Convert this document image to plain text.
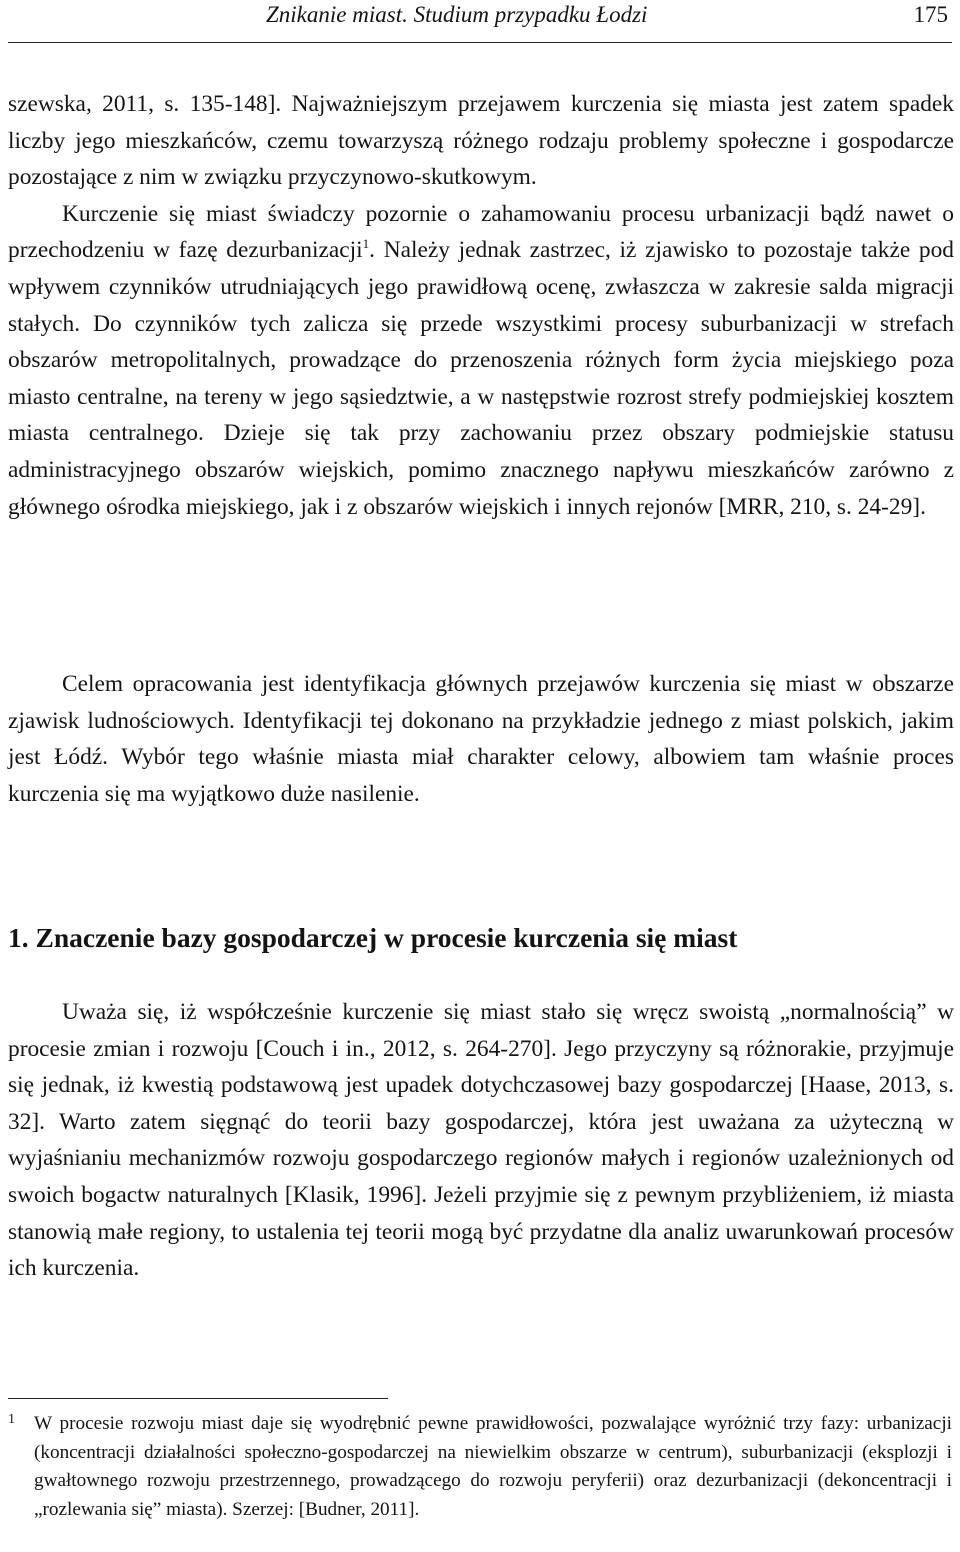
Znikanie miast. Studium przypadku Łodzi	175

szewska, 2011, s. 135-148]. Najważniejszym przejawem kurczenia się miasta jest zatem spadek liczby jego mieszkańców, czemu towarzyszą różnego rodzaju problemy społeczne i gospodarcze pozostające z nim w związku przyczynowo-skutkowym.

Kurczenie się miast świadczy pozornie o zahamowaniu procesu urbanizacji bądź nawet o przechodzeniu w fazę dezurbanizacji$^1$. Należy jednak zastrzec, iż zjawisko to pozostaje także pod wpływem czynników utrudniających jego prawidłową ocenę, zwłaszcza w zakresie salda migracji stałych. Do czynników tych zalicza się przede wszystkimi procesy suburbanizacji w strefach obszarów metropolitalnych, prowadzące do przenoszenia różnych form życia miejskiego poza miasto centralne, na tereny w jego sąsiedztwie, a w następstwie rozrost strefy podmiejskiej kosztem miasta centralnego. Dzieje się tak przy zachowaniu przez obszary podmiejskie statusu administracyjnego obszarów wiejskich, pomimo znacznego napływu mieszkańców zarówno z głównego ośrodka miejskiego, jak i z obszarów wiejskich i innych rejonów [MRR, 210, s. 24-29].

Celem opracowania jest identyfikacja głównych przejawów kurczenia się miast w obszarze zjawisk ludnościowych. Identyfikacji tej dokonano na przykładzie jednego z miast polskich, jakim jest Łódź. Wybór tego właśnie miasta miał charakter celowy, albowiem tam właśnie proces kurczenia się ma wyjątkowo duże nasilenie.

1. Znaczenie bazy gospodarczej w procesie kurczenia się miast

Uważa się, iż współcześnie kurczenie się miast stało się wręcz swoistą „normalnością” w procesie zmian i rozwoju [Couch i in., 2012, s. 264-270]. Jego przyczyny są różnorakie, przyjmuje się jednak, iż kwestią podstawową jest upadek dotychczasowej bazy gospodarczej [Haase, 2013, s. 32]. Warto zatem sięgnąć do teorii bazy gospodarczej, która jest uważana za użyteczną w wyjaśnianiu mechanizmów rozwoju gospodarczego regionów małych i regionów uzależnionych od swoich bogactw naturalnych [Klasik, 1996]. Jeżeli przyjmie się z pewnym przybliżeniem, iż miasta stanowią małe regiony, to ustalenia tej teorii mogą być przydatne dla analiz uwarunkowań procesów ich kurczenia.

1 W procesie rozwoju miast daje się wyodrębnić pewne prawidłowości, pozwalające wyróżnić trzy fazy: urbanizacji (koncentracji działalności społeczno-gospodarczej na niewielkim obszarze w centrum), suburbanizacji (eksplozji i gwałtownego rozwoju przestrzennego, prowadzącego do rozwoju peryferii) oraz dezurbanizacji (dekoncentracji i „rozlewania się” miasta). Szerzej: [Budner, 2011].
